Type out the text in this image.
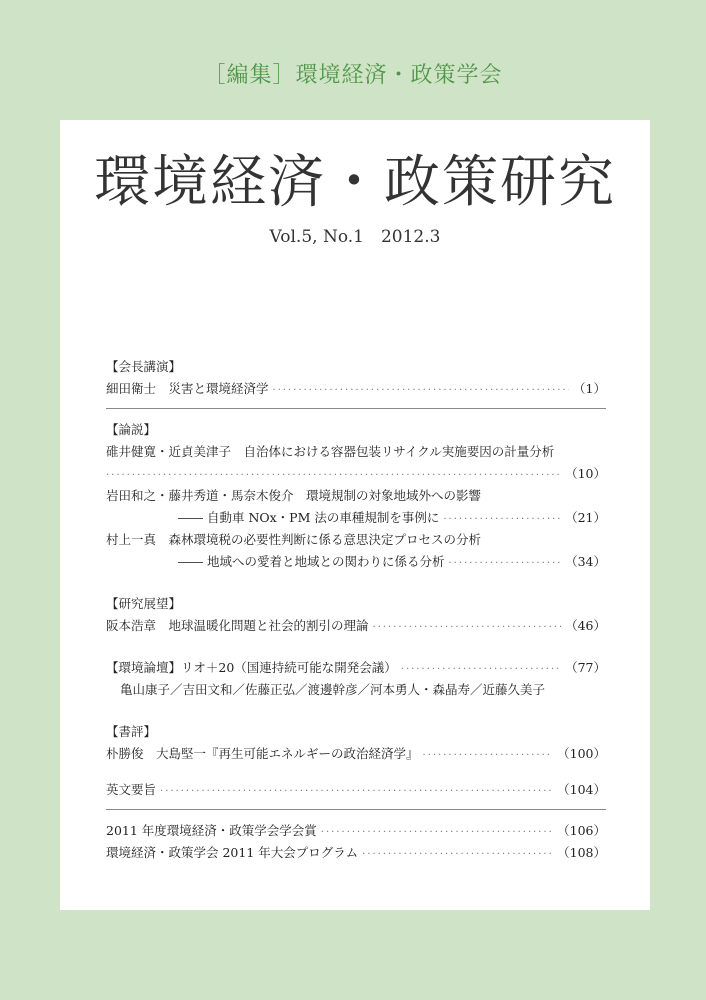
［編集］環境経済・政策学会
環境経済・政策研究
Vol.5, No.1　2012.3
【会長講演】
細田衛士　災害と環境経済学 ·····	（1）
【論説】
碓井健寛・近貞美津子　自治体における容器包装リサイクル実施要因の計量分析
·····
（10）
岩田和之・藤井秀道・馬奈木俊介　環境規制の対象地域外への影響
―― 自動車 NOx・PM 法の車種規制を事例に ·····	（21）
村上一真　森林環境税の必要性判断に係る意思決定プロセスの分析
―― 地域への愛着と地域との関わりに係る分析 ·····	（34）
【研究展望】
阪本浩章　地球温暖化問題と社会的割引の理論 ·····	（46）
【環境論壇】リオ＋20（国連持続可能な開発会議） ·····	（77）
亀山康子／吉田文和／佐藤正弘／渡邊幹彦／河本勇人・森晶寿／近藤久美子
【書評】
朴勝俊　大島堅一『再生可能エネルギーの政治経済学』 ·····	（100）
英文要旨 ·····	（104）
2011 年度環境経済・政策学会学会賞 ·····	（106）
環境経済・政策学会 2011 年大会プログラム ·····	（108）
